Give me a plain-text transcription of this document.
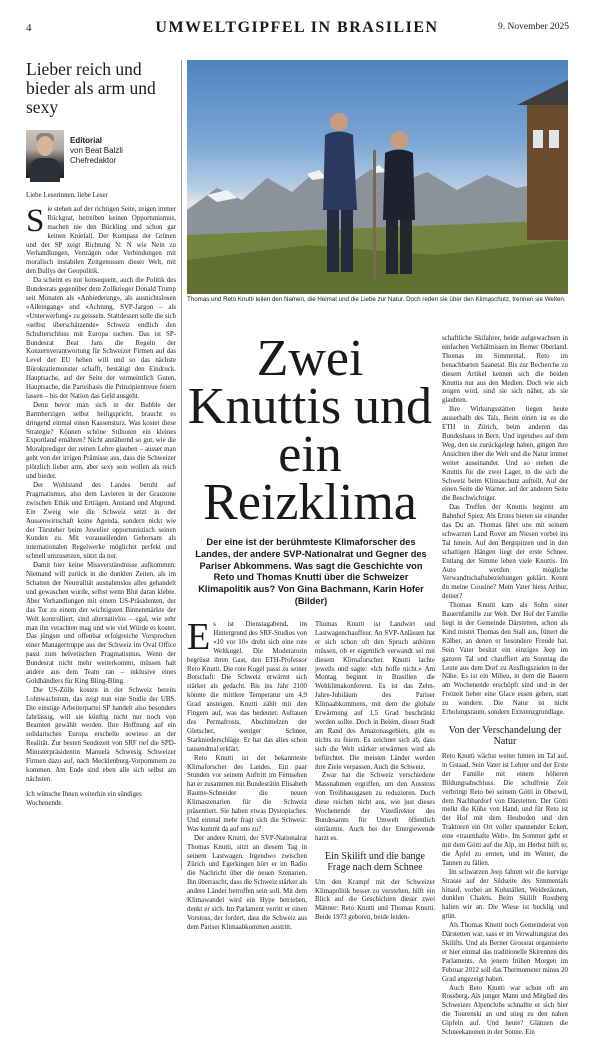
4	UMWELTGIPFEL IN BRASILIEN	9. November 2025
Lieber reich und bieder als arm und sexy
Editorial
von Beat Balzli
Chefredaktor
Liebe Leserinnen, liebe Leser

Sie stehen auf der richtigen Seite, zeigen immer Rückgrat, betreiben keinen Opportunismus, machen nie den Bückling und schon gar keinen Kniefall. Der Kompass der Grünen und der SP zeigt Richtung N: N wie Nein zu Verhandlungen, Verträgen oder Verbindungen mit moralisch instabilen Zeitgenossen dieser Welt, mit den Bullys der Geopolitik.

Da scheint es nur konsequent, auch die Politik des Bundesrats gegenüber dem Zollkrieger Donald Trump seit Monaten als «Anbiederung», als ausnichtslosen «Alleingang» und «Achtung, SVP-Jargon – als «Unterwerfung» zu geisseln. Stattdessen solle die sich «selbst überschätzende» Schweiz endlich den Schulterschluss mit Europa suchen. Das ist SP-Bundesrat Beat Jans die Regeln der Konzernverantwortung für Schweizer Firmen auf das Level der EU heben will und so das nächste Bürokratiemonster schafft, bestätigt den Eindruck. Hauptsache, auf der Seite der vermeintlich Guten, Hauptsache, die Parteibasis die Prinzipientreue feiern lassen – bis der Nation das Geld ausgeht.

Denn bevor man sich in der Bubble der Barmherzigen selbst heiligspricht, braucht es dringend einmal einen Kassensturz. Was kostet diese Strategie? Können schöne Stilnoten ein kleines Exportland ernähren? Nicht annähernd so gut, wie die Moralprediger der reinen Lehre glauben – ausser man geht von der irrigen Prämisse aus, dass die Schweizer plötzlich lieber arm, aber sexy sein wollen als reich und bieder.

Der Wohlstand des Landes beruht auf Pragmatismus, also dem Lavieren in der Grauzone zwischen Ethik und Erträgen, Anstand und Abgrund. Ein Zweig wie die Schweiz setzt in der Aussenwirtschaft keine Agenda, sondern nickt wie der Türsteher beim Juwelier opportunistisch seinen Kunden zu. Mit vorauseilenden Gehorsam als internationalen Regelwerke möglichst perfekt und schnell umzusetzen, nützt da nur.

Damit hier keine Missverständnisse aufkommen: Niemand will zurück in die dunklen Zeiten, als im Schatten der Neutralität ausnahmslos alles gehandelt und gewaschen wurde, selbst wenn Blut daran klebte. Aber Verhandlungen mit einem US-Präsidenten, der das Tor zu einem der wichtigsten Binnenmärkte der Welt kontrolliert, sind alternativlos – egal, wie sehr man ihn verachten mag und wie viel Würde es kostet. Das jüngste und offenbar erfolgreiche Vorsprechen einer Managertruppe aus der Schweiz im Oval Office passt zum helvetischen Pragmatismus. Wenn der Bundesrat nicht mehr weiterkommt, müssen halt andere aus dem Team ran – inklusive eines Goldhändlers für King Bling-Bling.

Die US-Zölle kosten in der Schweiz bereits Lohnwachstum, das zeigt nun eine Studie der UBS. Die einstige Arbeiterpartei SP handelt also besonders fahrlässig, will sie künftig nicht nur noch von Beamten gewählt werden. Ihre Hoffnung auf ein solidarisches Europa erschelle sowieso an der Realität. Zur besten Sendezeit von SRF rief die SPD-Ministerpräsidentin Manuela Schwesig Schweizer Firmen dazu auf, nach Mecklenburg-Vorpommern zu kommen. Am Ende sind eben alle sich selbst am nächsten.

Ich wünsche Ihnen weiterhin ein sündiges Wochenende.
Thomas und Reto Knutti teilen den Namen, die Heimat und die Liebe zur Natur. Doch reden sie über den Klimaschutz, trennen sie Welten.
Zwei Knuttis und ein Reizklima
Der eine ist der berühmteste Klimaforscher des Landes, der andere SVP-Nationalrat und Gegner des Pariser Abkommens. Was sagt die Geschichte von Reto und Thomas Knutti über die Schweizer Klimapolitik aus? Von Gina Bachmann, Karin Hofer (Bilder)

Es ist Dienstagabend, im Hintergrund des SRF-Studios von «10 vor 10» dreht sich eine rote Weltkugel. Die Moderatorin begrüsst ihren Gast, den ETH-Professor Reto Knutti. Die rote Kugel passt zu seiner Botschaft: Die Schweiz erwärmt sich stärker als gedacht. Bis ins Jahr 2100 könnte die mittlere Temperatur um 4,9 Grad ansteigen. Knutti zählt mit den Fingern auf, was das bedeutet: Auftauen des Permafrosts, Abschmelzen der Gletscher, weniger Schnee, Starkniederschläge. Er hat das alles schon tausendmal erklärt.

Reto Knutti ist der bekannteste Klimaforscher des Landes. Ein paar Stunden vor seinem Auftritt im Fernsehen hat er zusammen mit Bundesrätin Elisabeth Baume-Schneider die neuen Klimaszenarien für die Schweiz präsentiert. Sie haben etwas Dystopisches. Und einmal mehr fragt sich die Schweiz: Was kommt da auf uns zu?

Der andere Knutti, der SVP-Nationalrat Thomas Knutti, sitzt an diesem Tag in seinem Lastwagen. Irgendwo zwischen Zürich und Egerkingen hört er im Radio die Nachricht über die neuen Szenarien. Ihn überrascht, dass die Schweiz stärker als andere Länder betroffen sein soll. Mit dem Klimawandel wird ein Hype betrieben, denkt er sich. Im Parlament verritt er einen Vorstoss, der fordert, dass die Schweiz aus dem Pariser Klimaabkommen austritt.

Thomas Knutti ist Landwirt und Lastwagenchauffeur. An SVP-Anlässen hat er sich schon oft den Spruch anhören müssen, ob er eigentlich verwandt sei mit diesem Klimaforscher. Knutti lachte jeweils und sagte: «Ich hoffe nicht.» Am Montag beginnt in Brasilien die Weltklimakonferenz. Es ist das Zehn-Jahre-Jubiläum des Pariser Klimaabkommens, mit dem die globale Erwärmung auf 1,5 Grad beschränkt werden sollte. Doch in Belém, dieser Stadt am Rand des Amazonasgebiets, gibt es nichts zu feiern. Es zeichnet sich ab, dass sich die Welt stärker erwärmen wird als befürchtet. Die meisten Länder werden ihre Ziele verpassen. Auch die Schweiz.

Zwar hat die Schweiz verschiedene Massnahmen ergriffen, um den Ausstoss von Treibhausgasen zu reduzieren. Doch diese reichen nicht aus, wie just dieses Wochenende der Vizedirektor des Bundesamts für Umwelt öffentlich einräumte. Auch bei der Energiewende harzt es.

Ein Skilift und die bange Frage nach dem Schnee

Um den Krampf mit der Schweizer Klimapolitik besser zu verstehen, hilft ein Blick auf die Geschichten dieser zwei Männer: Reto Knutti und Thomas Knutti. Beide 1973 geboren, beide leiden-

schaftliche Skifahrer, beide aufgewachsen in einfachen Verhältnissen im Berner Oberland. Thomas im Simmental, Reto im benachbarten Saanetal. Bis zur Recherche zu diesem Artikel kennen sich die beiden Knuttis nur aus den Medien. Doch wie sich zeigen wird, sind sie sich näher, als sie glaubten.

Ihre Wirkungsstätten liegen heute ausserhalb des Tals. Beim einen ist es die ETH in Zürich, beim anderen das Bundeshaus in Bern. Und irgendwo auf dem Weg, den sie zurückgelegt haben, gingen ihre Ansichten über die Welt und die Natur immer weiter auseinander. Und so stehen die Knuttis für die zwei Lager, in die sich die Schweiz beim Klimaschutz aufteilt. Auf der einen Seite die Warner, auf der anderen Seite die Beschwichtiger.

Das Treffen der Knuttis beginnt am Bahnhof Spiez. Als Erstes bieten sie einander das Du an. Thomas fährt uns mit seinem schwarzen Land Rover am Niesen vorbei ins Tal hinein. Auf den Bergspitzen und in den schattigen Hängen liegt der erste Schnee. Entlang der Simme leben viele Knuttis. Im Auto werden mögliche Verwandtschaftsbeziehungen geklärt. Kennt du meine Cousine? Mein Vater hiess Arthur, deiner?

Thomas Knutti kam als Sohn einer Bauernfamilie zur Welt. Der Hof der Familie liegt in der Gemeinde Därstetten, schon als Kind mistet Thomas den Stall aus, füttert die Kälber, an denen er besondere Freude hat. Sein Vater besitzt ein einziges Jeep im ganzen Tal und chauffiert am Sonntag die Leute aus dem Dorf zu Ausflugszielen in der Nähe. Es ist ein Milieu, in dem die Bauern am Wochenende erschöpft sind und in der Freizeit lieber eine Glace essen gehen, statt zu wandern. Die Natur ist nicht Erholungsraum, sondern Existenzgrundlage.

Von der Verschandelung der Natur

Reto Knutti wächst weiter hinten im Tal auf, in Gstaad. Sein Vater ist Lehrer und der Erste der Familie mit einem höheren Bildungsabschluss. Die schulfreie Zeit verbringt Reto bei seinem Götti in Oberwil, dem Nachbardorf von Därstetten. Der Götti melkt die Kühe von Hand, und für Reto ist der Hof mit dem Heuboden und den Traktoren ein Ort voller spannender Ecken, eine «traumhafte Welt». Im Sommer geht er mit dem Götti auf die Alp, im Herbst hilft er, die Äpfel zu ernten, und im Winter, die Tannen zu fällen.

Im schwarzen Jeep fahren wir die kurvige Strasse auf der Südseite des Simmentals hinauf, vorbei an Kuhställen, Weidezäunen, dunklen Chalets. Beim Skilift Rossberg halten wir an. Die Wiese ist bucklig und grün.

Als Thomas Knutti noch Gemeinderat von Därstetten war, sass er im Verwaltungsrat des Skilifts. Und als Berner Grossrat organisierte er hier einmal das traditionelle Skirennen des Parlaments. An jenem frühen Morgen im Februar 2012 soll das Thermometer minus 20 Grad angezeigt haben.

Auch Reto Knutti war schon oft am Rossberg. Als junger Mann und Mitglied des Schweizer Alpenclubs schnallte er sich hier die Tourenski an und stieg zu den nahen Gipfeln auf. Und heute? Glänzen die Schneekanonen in der Sonne. Ein
